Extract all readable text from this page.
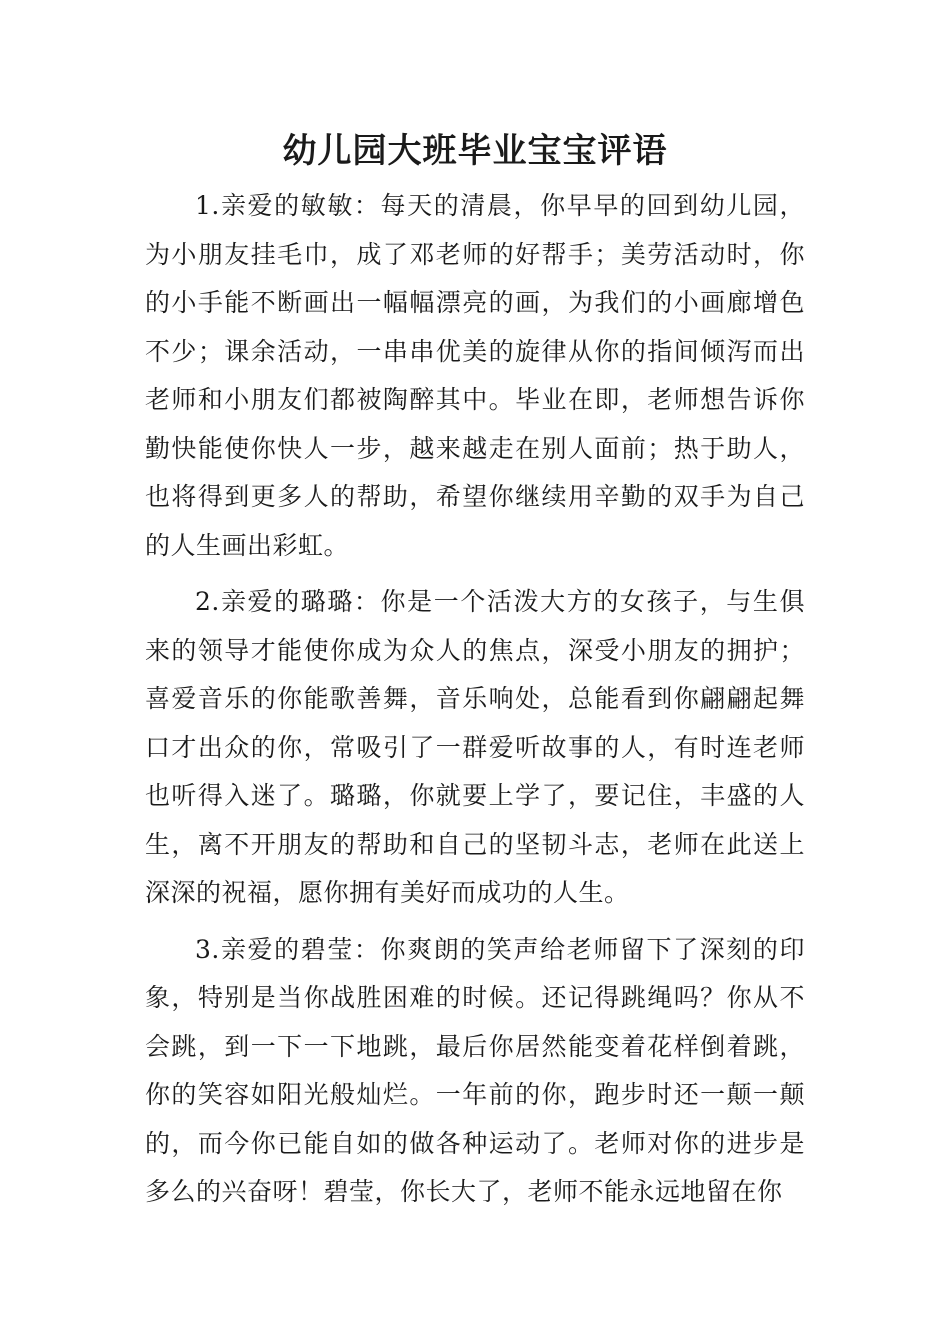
幼儿园大班毕业宝宝评语

1.亲爱的敏敏：每天的清晨，你早早的回到幼儿园，为小朋友挂毛巾，成了邓老师的好帮手；美劳活动时，你的小手能不断画出一幅幅漂亮的画，为我们的小画廊增色不少；课余活动，一串串优美的旋律从你的指间倾泻而出老师和小朋友们都被陶醉其中。毕业在即，老师想告诉你勤快能使你快人一步，越来越走在别人面前；热于助人，也将得到更多人的帮助，希望你继续用辛勤的双手为自己的人生画出彩虹。

2.亲爱的璐璐：你是一个活泼大方的女孩子，与生俱来的领导才能使你成为众人的焦点，深受小朋友的拥护；喜爱音乐的你能歌善舞，音乐响处，总能看到你翩翩起舞口才出众的你，常吸引了一群爱听故事的人，有时连老师也听得入迷了。璐璐，你就要上学了，要记住，丰盛的人生，离不开朋友的帮助和自己的坚韧斗志，老师在此送上深深的祝福，愿你拥有美好而成功的人生。

3.亲爱的碧莹：你爽朗的笑声给老师留下了深刻的印象，特别是当你战胜困难的时候。还记得跳绳吗？你从不会跳，到一下一下地跳，最后你居然能变着花样倒着跳，你的笑容如阳光般灿烂。一年前的你，跑步时还一颠一颠的，而今你已能自如的做各种运动了。老师对你的进步是多么的兴奋呀！碧莹，你长大了，老师不能永远地留在你
